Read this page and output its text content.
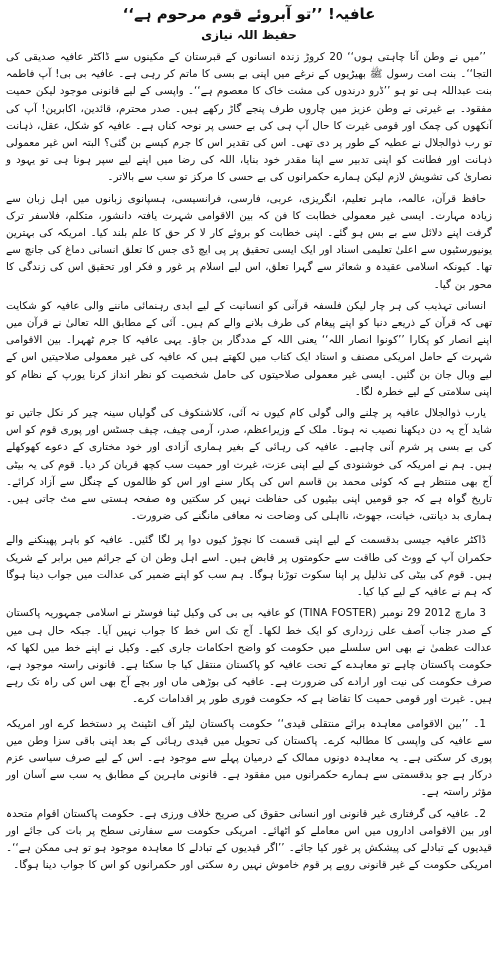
عافیہ! ’’تو آبروئے قوم مرحوم ہے‘‘
حفیظ اللہ نیازی

’’میں نے وطن آنا چاہتی ہوں‘‘ 20 کروڑ زندہ انسانوں کے قبرستان کے مکینوں سے ڈاکٹر عافیہ صدیقی کی التجا‘‘۔ بنت امت رسول ﷺ بھیڑیوں کے نرغے میں اپنی بے بسی کا ماتم کر رہی ہے۔ عافیہ بی بی! آپ فاطمہ بنت عبداللہ ہی تو ہو ’’ڈرو درندوں کی مشت خاک کا معصوم ہے‘‘۔ واپسی کے لیے قانونی موجود لیکن حمیت مفقود۔ بے غیرتی نے وطن عزیز میں چاروں طرف پنجے گاڑ رکھے ہیں۔ صدر محترم، قائدین، اکابرین! آپ کی آنکھوں کی چمک اور قومی غیرت کا حال آپ ہی کی بے حسی پر نوحہ کناں ہے۔ عافیہ کو شکل، عقل، ذہانت تو رب ذوالجلال نے عطیہ کے طور پر دی تھی۔ اس کی تقدیر اس کا جرم کیسے بن گئی؟ البتہ اس غیر معمولی ذہانت اور فطانت کو اپنی تدبیر سے اپنا مقدر خود بنایا، اللہ کی رضا میں اپنے لیے سپر ہونا ہی تو یہود و نصاریٰ کی تشویش لازم لیکن ہمارے حکمرانوں کی بے حسی کا مرکز تو سب سے بالاتر۔

حافظ قرآن، عالمہ، ماہر تعلیم، انگریزی، عربی، فارسی، فرانسیسی، ہسپانوی زبانوں میں اہل زبان سے زیادہ مہارت۔ ایسی غیر معمولی خطابت کا فن کہ بین الاقوامی شہرت یافتہ دانشور، متکلم، فلاسفر ترک گرفت اپنے دلائل سے بے بس ہو گئے۔ اپنی خطابت کو بروئے کار لا کر حق کا علم بلند کیا۔ امریکہ کی بہترین یونیورسٹیوں سے اعلیٰ تعلیمی اسناد اور ایک ایسی تحقیق پر پی ایچ ڈی جس کا تعلق انسانی دماغ کی جانچ سے تھا۔ کیونکہ اسلامی عقیدہ و شعائر سے گہرا تعلق، اس لیے اسلام پر غور و فکر اور تحقیق اس کی زندگی کا محور بن گیا۔

انسانی تہذیب کی ہر چار لیکن فلسفہ قرآنی کو انسانیت کے لیے ابدی رہنمائی ماننے والی عافیہ کو شکایت تھی کہ قرآن کے ذریعے دنیا کو اپنے پیغام کی طرف بلانے والے کم ہیں۔ آئی کے مطابق اللہ تعالیٰ نے قرآن میں اپنے انصار کو پکارا ’’کونوا انصار اللہ‘‘ یعنی اللہ کے مددگار بن جاؤ۔ یہی عافیہ کا جرم ٹھہرا۔ بین الاقوامی شہرت کے حامل امریکی مصنف و استاد ایک کتاب میں لکھتے ہیں کہ عافیہ کی غیر معمولی صلاحیتیں اس کے لیے وبال جان بن گئیں۔ ایسی غیر معمولی صلاحیتوں کی حامل شخصیت کو نظر انداز کرنا یورپ کے نظام کو اپنی سلامتی کے لیے خطرہ لگا۔

یارب ذوالجلال عافیہ پر چلنے والی گولی کام کیوں نہ آئی، کلاشنکوف کی گولیاں سینہ چیر کر نکل جاتیں تو شاید آج یہ دن دیکھنا نصیب نہ ہوتا۔ ملک کے وزیراعظم، صدر، آرمی چیف، چیف جسٹس اور پوری قوم کو اس کی بے بسی پر شرم آنی چاہیے۔ عافیہ کی رہائی کے بغیر ہماری آزادی اور خود مختاری کے دعوے کھوکھلے ہیں۔ ہم نے امریکہ کی خوشنودی کے لیے اپنی عزت، غیرت اور حمیت سب کچھ قربان کر دیا۔ قوم کی یہ بیٹی آج بھی منتظر ہے کہ کوئی محمد بن قاسم اس کی پکار سنے اور اس کو ظالموں کے چنگل سے آزاد کرائے۔ تاریخ گواہ ہے کہ جو قومیں اپنی بیٹیوں کی حفاظت نہیں کر سکتیں وہ صفحہ ہستی سے مٹ جاتی ہیں۔ ہماری بد دیانتی، خیانت، جھوٹ، نااہلی کی وضاحت نہ معافی مانگنے کی ضرورت۔

ڈاکٹر عافیہ جیسی بدقسمت کے لیے اپنی قسمت کا نچوڑ کیوں دوا پر لگا گئیں۔ عافیہ کو باہر پھینکنے والے حکمران آپ کے ووٹ کی طاقت سے حکومتوں پر قابض ہیں۔ اسے اہل وطن ان کے جرائم میں برابر کے شریک ہیں۔ قوم کی بیٹی کی تذلیل پر اپنا سکوت توڑنا ہوگا۔ ہم سب کو اپنے ضمیر کی عدالت میں جواب دینا ہوگا کہ ہم نے عافیہ کے لیے کیا کیا۔

3 مارچ 2012 29 نومبر (TINA FOSTER) کو عافیہ بی بی کی وکیل ٹینا فوسٹر نے اسلامی جمہوریہ پاکستان کے صدر جناب آصف علی زرداری کو ایک خط لکھا۔ آج تک اس خط کا جواب نہیں آیا۔ جبکہ حال ہی میں عدالت عظمیٰ نے بھی اس سلسلے میں حکومت کو واضح احکامات جاری کیے۔ وکیل نے اپنے خط میں لکھا کہ حکومت پاکستان چاہے تو معاہدے کے تحت عافیہ کو پاکستان منتقل کیا جا سکتا ہے۔ قانونی راستہ موجود ہے، صرف حکومت کی نیت اور ارادے کی ضرورت ہے۔ عافیہ کی بوڑھی ماں اور بچے آج بھی اس کی راہ تک رہے ہیں۔ غیرت اور قومی حمیت کا تقاضا ہے کہ حکومت فوری طور پر اقدامات کرے۔

1۔ ’’بین الاقوامی معاہدہ برائے منتقلی قیدی‘‘ حکومت پاکستان لیٹر آف انٹینٹ پر دستخط کرے اور امریکہ سے عافیہ کی واپسی کا مطالبہ کرے۔ پاکستان کی تحویل میں قیدی رہائی کے بعد اپنی باقی سزا وطن میں پوری کر سکتی ہے۔ یہ معاہدہ دونوں ممالک کے درمیان پہلے سے موجود ہے۔ اس کے لیے صرف سیاسی عزم درکار ہے جو بدقسمتی سے ہمارے حکمرانوں میں مفقود ہے۔ قانونی ماہرین کے مطابق یہ سب سے آسان اور مؤثر راستہ ہے۔

2۔ عافیہ کی گرفتاری غیر قانونی اور انسانی حقوق کی صریح خلاف ورزی ہے۔ حکومت پاکستان اقوام متحدہ اور بین الاقوامی اداروں میں اس معاملے کو اٹھائے۔ امریکی حکومت سے سفارتی سطح پر بات کی جائے اور قیدیوں کے تبادلے کی پیشکش پر غور کیا جائے۔ ’’اگر قیدیوں کے تبادلے کا معاہدہ موجود ہو تو ہی ممکن ہے‘‘۔ امریکی حکومت کے غیر قانونی رویے پر قوم خاموش نہیں رہ سکتی اور حکمرانوں کو اس کا جواب دینا ہوگا۔
